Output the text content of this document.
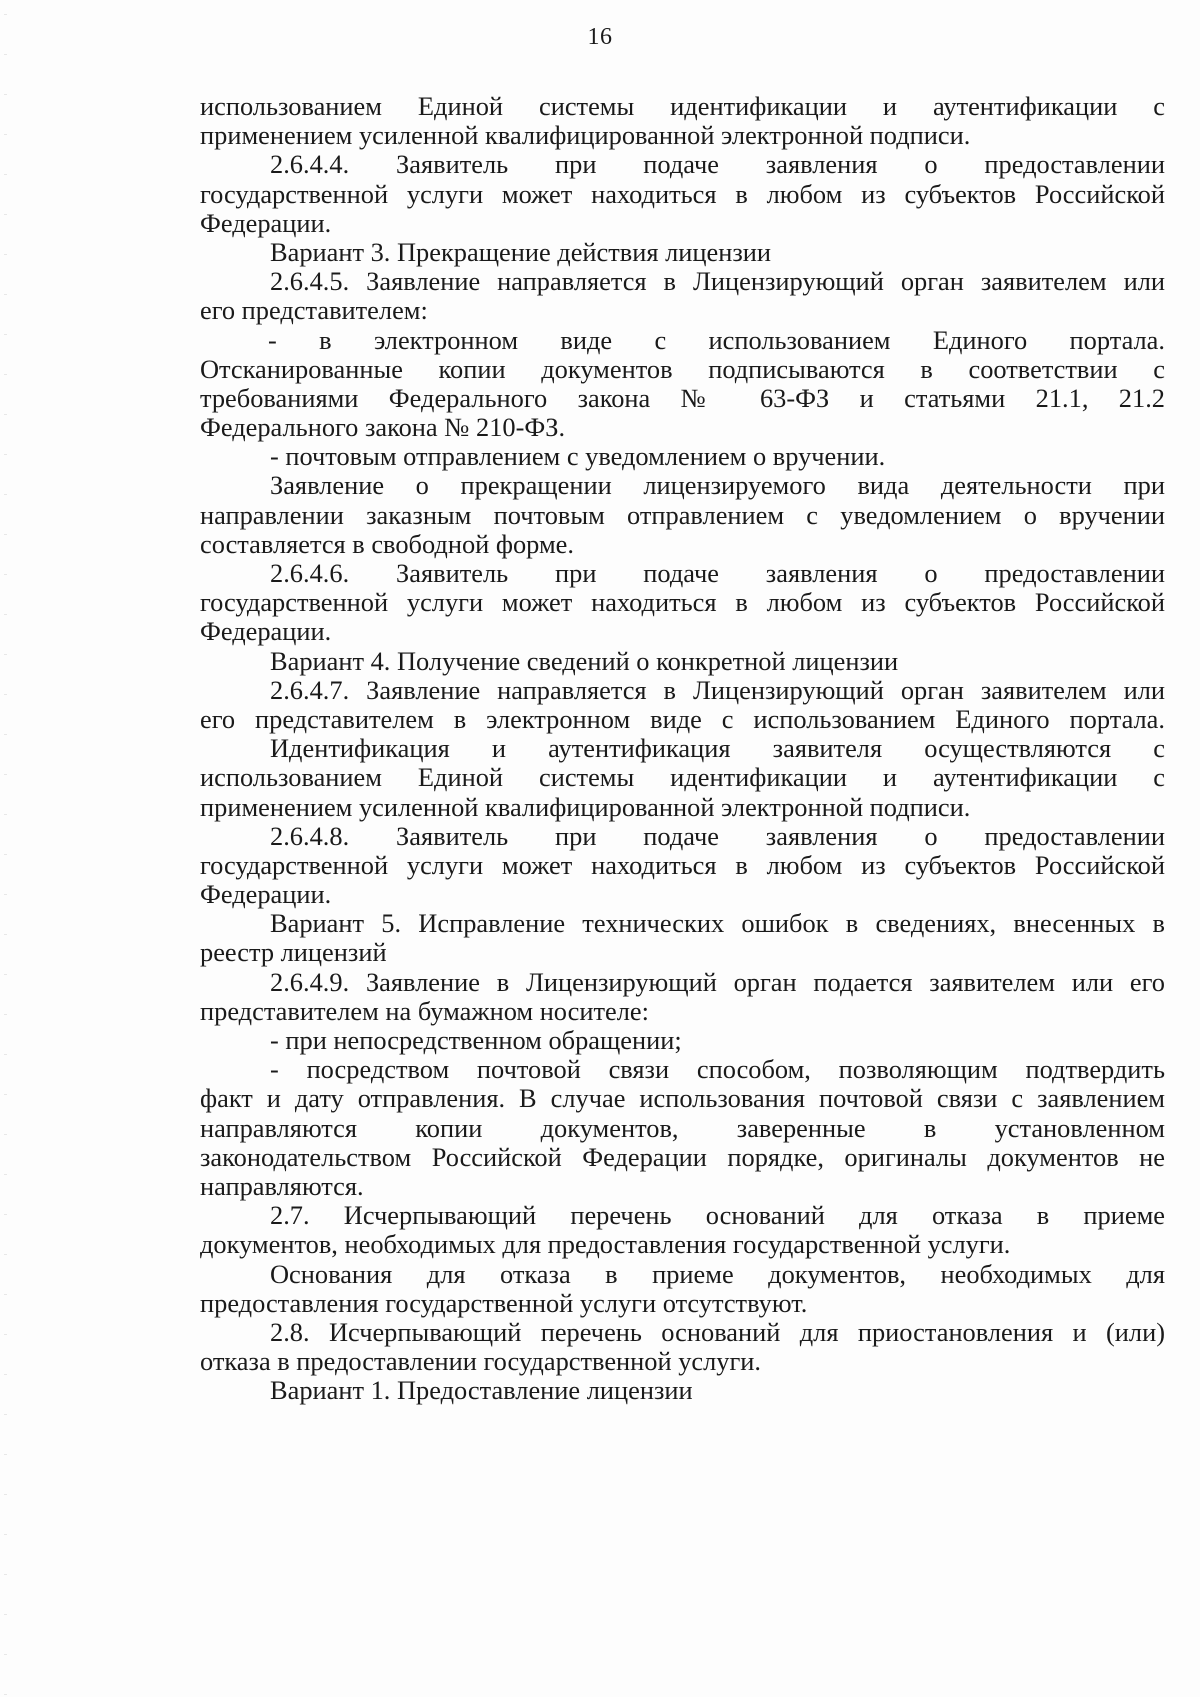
16
использованием Единой системы идентификации и аутентификации с
применением усиленной квалифицированной электронной подписи.
2.6.4.4. Заявитель при подаче заявления о предоставлении
государственной услуги может находиться в любом из субъектов Российской
Федерации.
Вариант 3. Прекращение действия лицензии
2.6.4.5. Заявление направляется в Лицензирующий орган заявителем или
его представителем:
- в электронном виде с использованием Единого портала.
Отсканированные копии документов подписываются в соответствии с
требованиями Федерального закона № 63-ФЗ и статьями 21.1, 21.2
Федерального закона № 210-ФЗ.
- почтовым отправлением с уведомлением о вручении.
Заявление о прекращении лицензируемого вида деятельности при
направлении заказным почтовым отправлением с уведомлением о вручении
составляется в свободной форме.
2.6.4.6. Заявитель при подаче заявления о предоставлении
государственной услуги может находиться в любом из субъектов Российской
Федерации.
Вариант 4. Получение сведений о конкретной лицензии
2.6.4.7. Заявление направляется в Лицензирующий орган заявителем или
его представителем в электронном виде с использованием Единого портала.
Идентификация и аутентификация заявителя осуществляются с
использованием Единой системы идентификации и аутентификации с
применением усиленной квалифицированной электронной подписи.
2.6.4.8. Заявитель при подаче заявления о предоставлении
государственной услуги может находиться в любом из субъектов Российской
Федерации.
Вариант 5. Исправление технических ошибок в сведениях, внесенных в
реестр лицензий
2.6.4.9. Заявление в Лицензирующий орган подается заявителем или его
представителем на бумажном носителе:
- при непосредственном обращении;
- посредством почтовой связи способом, позволяющим подтвердить
факт и дату отправления. В случае использования почтовой связи с заявлением
направляются копии документов, заверенные в установленном
законодательством Российской Федерации порядке, оригиналы документов не
направляются.
2.7. Исчерпывающий перечень оснований для отказа в приеме
документов, необходимых для предоставления государственной услуги.
Основания для отказа в приеме документов, необходимых для
предоставления государственной услуги отсутствуют.
2.8. Исчерпывающий перечень оснований для приостановления и (или)
отказа в предоставлении государственной услуги.
Вариант 1. Предоставление лицензии
